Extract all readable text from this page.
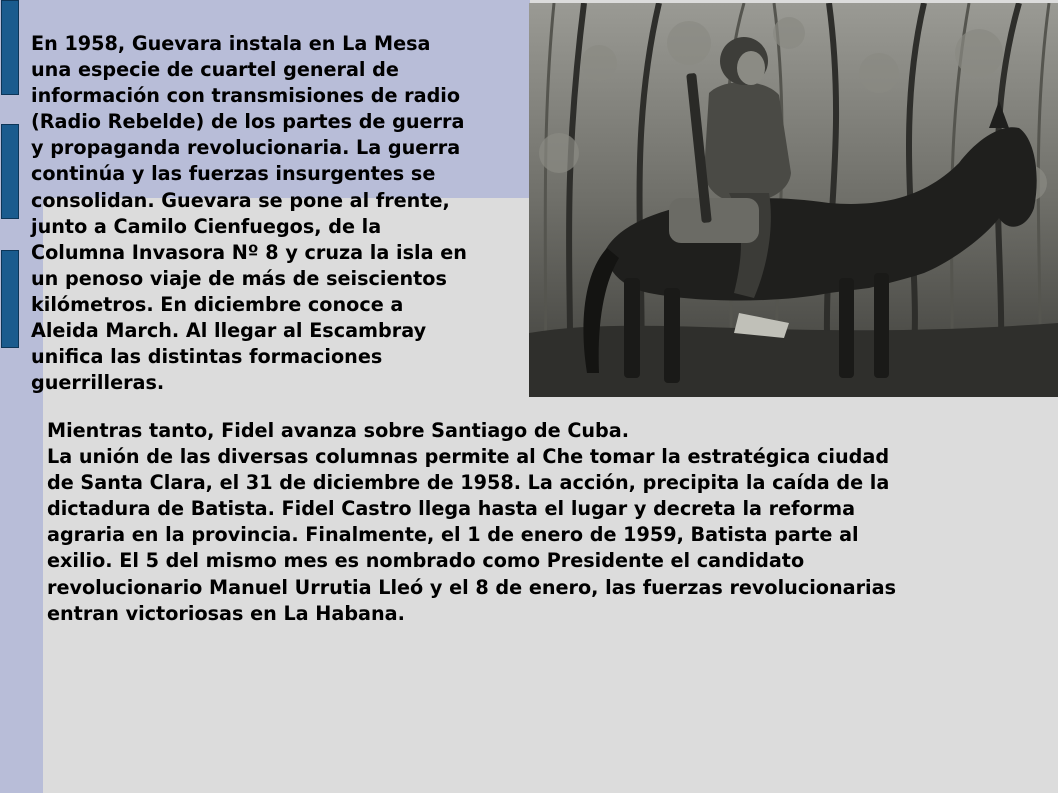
En 1958, Guevara instala en La Mesa
una especie de cuartel general de
información con transmisiones de radio
(Radio Rebelde) de los partes de guerra
y propaganda revolucionaria. La guerra
continúa y las fuerzas insurgentes se
consolidan. Guevara se pone al frente,
junto a Camilo Cienfuegos, de la
Columna Invasora Nº 8 y cruza la isla en
un penoso viaje de más de seiscientos
kilómetros. En diciembre conoce a
Aleida March. Al llegar al Escambray
unifica las distintas formaciones
guerrilleras.

Mientras tanto, Fidel avanza sobre Santiago de Cuba.
La unión de las diversas columnas permite al Che tomar la estratégica ciudad
de Santa Clara, el 31 de diciembre de 1958. La acción, precipita la caída de la
dictadura de Batista. Fidel Castro llega hasta el lugar y decreta la reforma
agraria en la provincia. Finalmente, el 1 de enero de 1959, Batista parte al
exilio. El 5 del mismo mes es nombrado como Presidente el candidato
revolucionario Manuel Urrutia Lleó y el 8 de enero, las fuerzas revolucionarias
entran victoriosas en La Habana.
